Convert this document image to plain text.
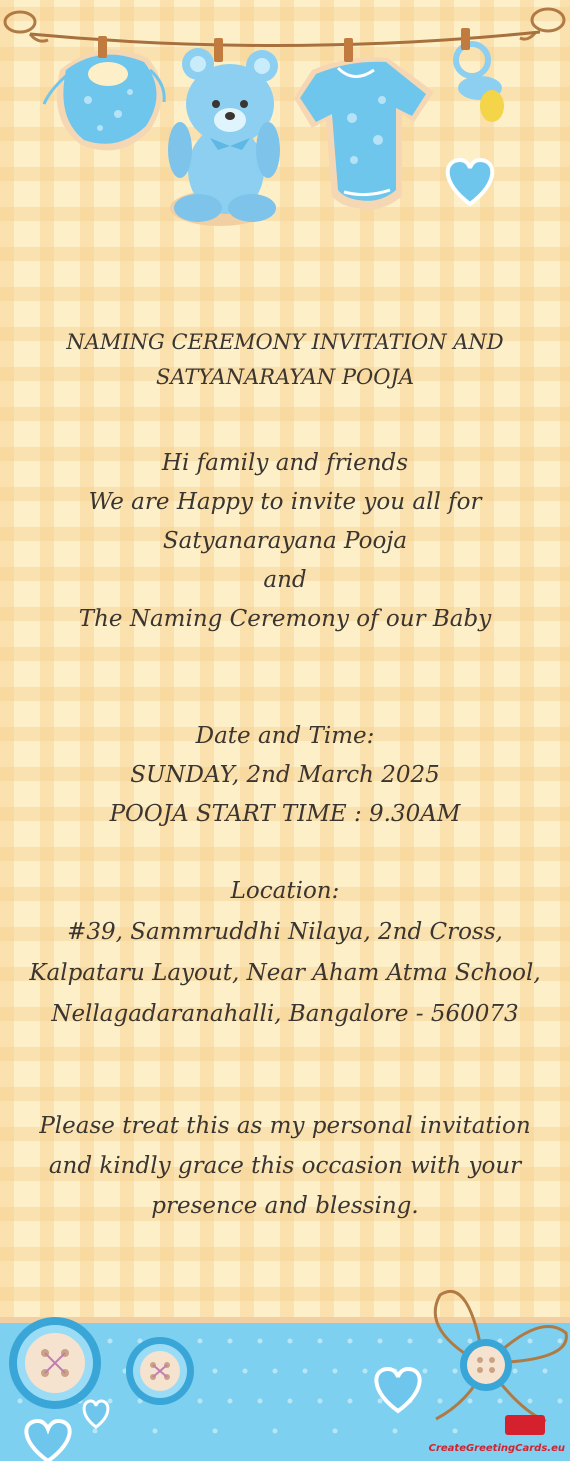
NAMING CEREMONY INVITATION AND

SATYANARAYAN POOJA

Hi family and friends

We are Happy to invite you all for

Satyanarayana Pooja

and

The Naming Ceremony of our Baby

Date and Time:

SUNDAY, 2nd March 2025

POOJA START TIME : 9.30AM

Location:

#39, Sammruddhi Nilaya, 2nd Cross,

Kalpataru Layout, Near Aham Atma School,

Nellagadaranahalli, Bangalore - 560073

Please treat this as my personal invitation

and kindly grace this occasion with your

presence and blessing.

CreateGreetingCards.eu
